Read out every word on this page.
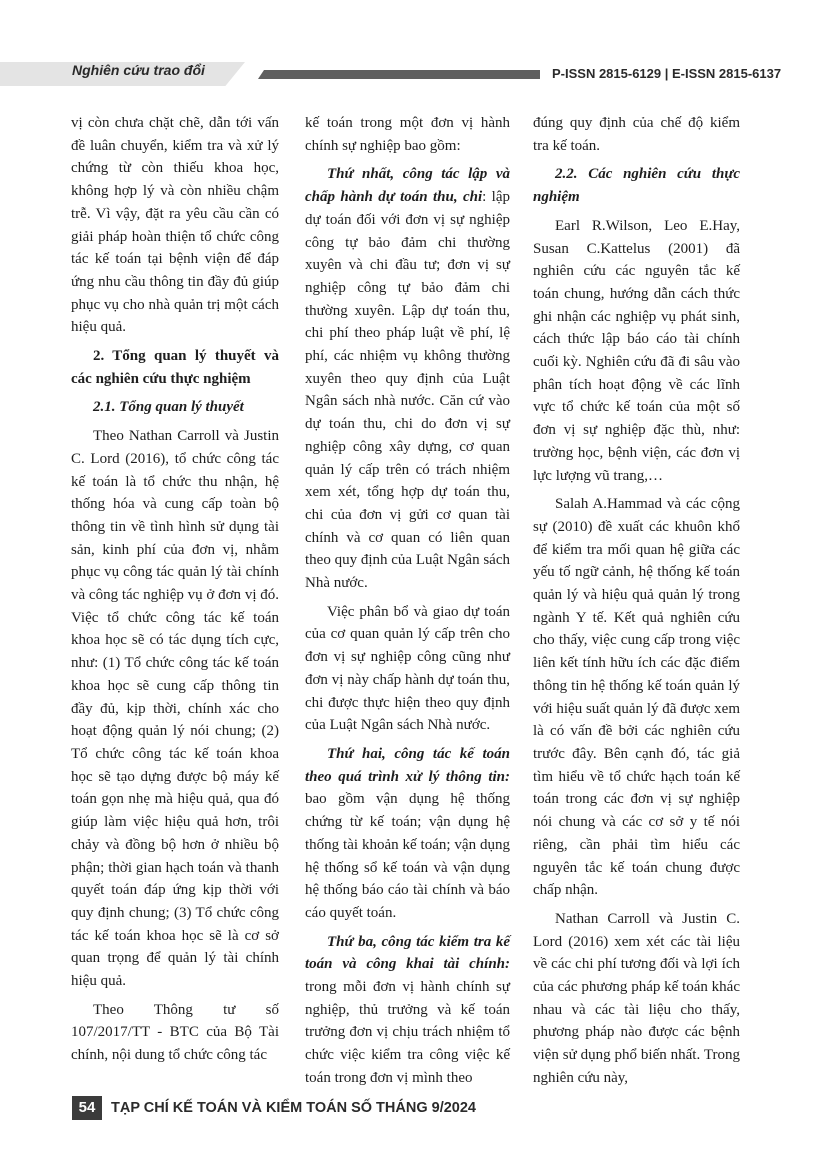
Nghiên cứu trao đổi	P-ISSN 2815-6129 | E-ISSN 2815-6137

vị còn chưa chặt chẽ, dẫn tới vấn đề luân chuyển, kiểm tra và xử lý chứng từ còn thiếu khoa học, không hợp lý và còn nhiều chậm trễ. Vì vậy, đặt ra yêu cầu cần có giải pháp hoàn thiện tổ chức công tác kế toán tại bệnh viện để đáp ứng nhu cầu thông tin đầy đủ giúp phục vụ cho nhà quản trị một cách hiệu quả.

2. Tổng quan lý thuyết và các nghiên cứu thực nghiệm

2.1. Tổng quan lý thuyết

Theo Nathan Carroll và Justin C. Lord (2016), tổ chức công tác kế toán là tổ chức thu nhận, hệ thống hóa và cung cấp toàn bộ thông tin về tình hình sử dụng tài sản, kinh phí của đơn vị, nhằm phục vụ công tác quản lý tài chính và công tác nghiệp vụ ở đơn vị đó. Việc tổ chức công tác kế toán khoa học sẽ có tác dụng tích cực, như: (1) Tổ chức công tác kế toán khoa học sẽ cung cấp thông tin đầy đủ, kịp thời, chính xác cho hoạt động quản lý nói chung; (2) Tổ chức công tác kế toán khoa học sẽ tạo dựng được bộ máy kế toán gọn nhẹ mà hiệu quả, qua đó giúp làm việc hiệu quả hơn, trôi chảy và đồng bộ hơn ở nhiều bộ phận; thời gian hạch toán và thanh quyết toán đáp ứng kịp thời với quy định chung; (3) Tổ chức công tác kế toán khoa học sẽ là cơ sở quan trọng để quản lý tài chính hiệu quả.

Theo Thông tư số 107/2017/TT - BTC của Bộ Tài chính, nội dung tổ chức công tác

kế toán trong một đơn vị hành chính sự nghiệp bao gồm:

Thứ nhất, công tác lập và chấp hành dự toán thu, chi: lập dự toán đối với đơn vị sự nghiệp công tự bảo đảm chi thường xuyên và chi đầu tư; đơn vị sự nghiệp công tự bảo đảm chi thường xuyên. Lập dự toán thu, chi phí theo pháp luật về phí, lệ phí, các nhiệm vụ không thường xuyên theo quy định của Luật Ngân sách nhà nước. Căn cứ vào dự toán thu, chi do đơn vị sự nghiệp công xây dựng, cơ quan quản lý cấp trên có trách nhiệm xem xét, tổng hợp dự toán thu, chi của đơn vị gửi cơ quan tài chính và cơ quan có liên quan theo quy định của Luật Ngân sách Nhà nước.

Việc phân bổ và giao dự toán của cơ quan quản lý cấp trên cho đơn vị sự nghiệp công cũng như đơn vị này chấp hành dự toán thu, chi được thực hiện theo quy định của Luật Ngân sách Nhà nước.

Thứ hai, công tác kế toán theo quá trình xử lý thông tin: bao gồm vận dụng hệ thống chứng từ kế toán; vận dụng hệ thống tài khoản kế toán; vận dụng hệ thống sổ kế toán và vận dụng hệ thống báo cáo tài chính và báo cáo quyết toán.

Thứ ba, công tác kiểm tra kế toán và công khai tài chính: trong mỗi đơn vị hành chính sự nghiệp, thủ trưởng và kế toán trưởng đơn vị chịu trách nhiệm tổ chức việc kiểm tra công việc kế toán trong đơn vị mình theo

đúng quy định của chế độ kiểm tra kế toán.

2.2. Các nghiên cứu thực nghiệm

Earl R.Wilson, Leo E.Hay, Susan C.Kattelus (2001) đã nghiên cứu các nguyên tắc kế toán chung, hướng dẫn cách thức ghi nhận các nghiệp vụ phát sinh, cách thức lập báo cáo tài chính cuối kỳ. Nghiên cứu đã đi sâu vào phân tích hoạt động về các lĩnh vực tổ chức kế toán của một số đơn vị sự nghiệp đặc thù, như: trường học, bệnh viện, các đơn vị lực lượng vũ trang,…

Salah A.Hammad và các cộng sự (2010) đề xuất các khuôn khổ để kiểm tra mối quan hệ giữa các yếu tố ngữ cảnh, hệ thống kế toán quản lý và hiệu quả quản lý trong ngành Y tế. Kết quả nghiên cứu cho thấy, việc cung cấp trong việc liên kết tính hữu ích các đặc điểm thông tin hệ thống kế toán quản lý với hiệu suất quản lý đã được xem là có vấn đề bởi các nghiên cứu trước đây. Bên cạnh đó, tác giả tìm hiểu về tổ chức hạch toán kế toán trong các đơn vị sự nghiệp nói chung và các cơ sở y tế nói riêng, cần phải tìm hiểu các nguyên tắc kế toán chung được chấp nhận.

Nathan Carroll và Justin C. Lord (2016) xem xét các tài liệu về các chi phí tương đối và lợi ích của các phương pháp kế toán khác nhau và các tài liệu cho thấy, phương pháp nào được các bệnh viện sử dụng phổ biến nhất. Trong nghiên cứu này,

54	TẠP CHÍ KẾ TOÁN VÀ KIỂM TOÁN SỐ THÁNG 9/2024
